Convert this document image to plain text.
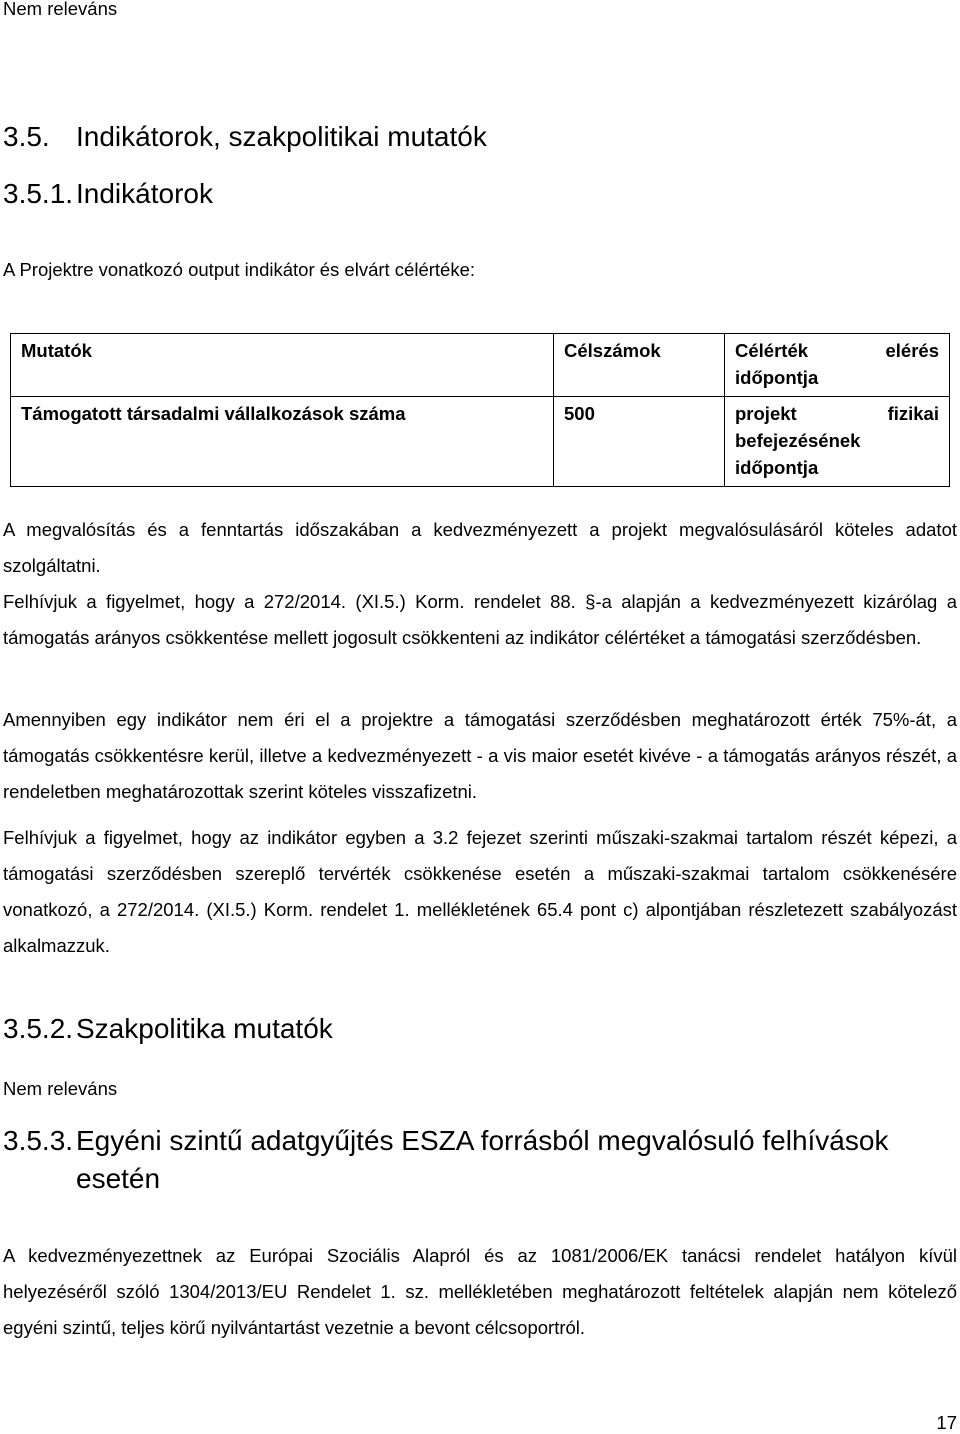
Nem releváns
3.5. Indikátorok, szakpolitikai mutatók
3.5.1. Indikátorok

A Projektre vonatkozó output indikátor és elvárt célértéke:

Mutatók	Célszámok	Célérték elérés
időpontja

Támogatott társadalmi vállalkozások száma	500	projekt fizikai
befejezésének
időpontja

A megvalósítás és a fenntartás időszakában a kedvezményezett a projekt megvalósulásáról köteles adatot szolgáltatni.

Felhívjuk a figyelmet, hogy a 272/2014. (XI.5.) Korm. rendelet 88. §-a alapján a kedvezményezett kizárólag a támogatás arányos csökkentése mellett jogosult csökkenteni az indikátor célértéket a támogatási szerződésben.

Amennyiben egy indikátor nem éri el a projektre a támogatási szerződésben meghatározott érték 75%-át, a támogatás csökkentésre kerül, illetve a kedvezményezett - a vis maior esetét kivéve - a támogatás arányos részét, a rendeletben meghatározottak szerint köteles visszafizetni.

Felhívjuk a figyelmet, hogy az indikátor egyben a 3.2 fejezet szerinti műszaki-szakmai tartalom részét képezi, a támogatási szerződésben szereplő tervérték csökkenése esetén a műszaki-szakmai tartalom csökkenésére vonatkozó, a 272/2014. (XI.5.) Korm. rendelet 1. mellékletének 65.4 pont c) alpontjában részletezett szabályozást alkalmazzuk.

3.5.2. Szakpolitika mutatók
Nem releváns
3.5.3. Egyéni szintű adatgyűjtés ESZA forrásból megvalósuló felhívások
esetén

A kedvezményezettnek az Európai Szociális Alapról és az 1081/2006/EK tanácsi rendelet hatályon kívül helyezéséről szóló 1304/2013/EU Rendelet 1. sz. mellékletében meghatározott feltételek alapján nem kötelező egyéni szintű, teljes körű nyilvántartást vezetnie a bevont célcsoportról.

17
